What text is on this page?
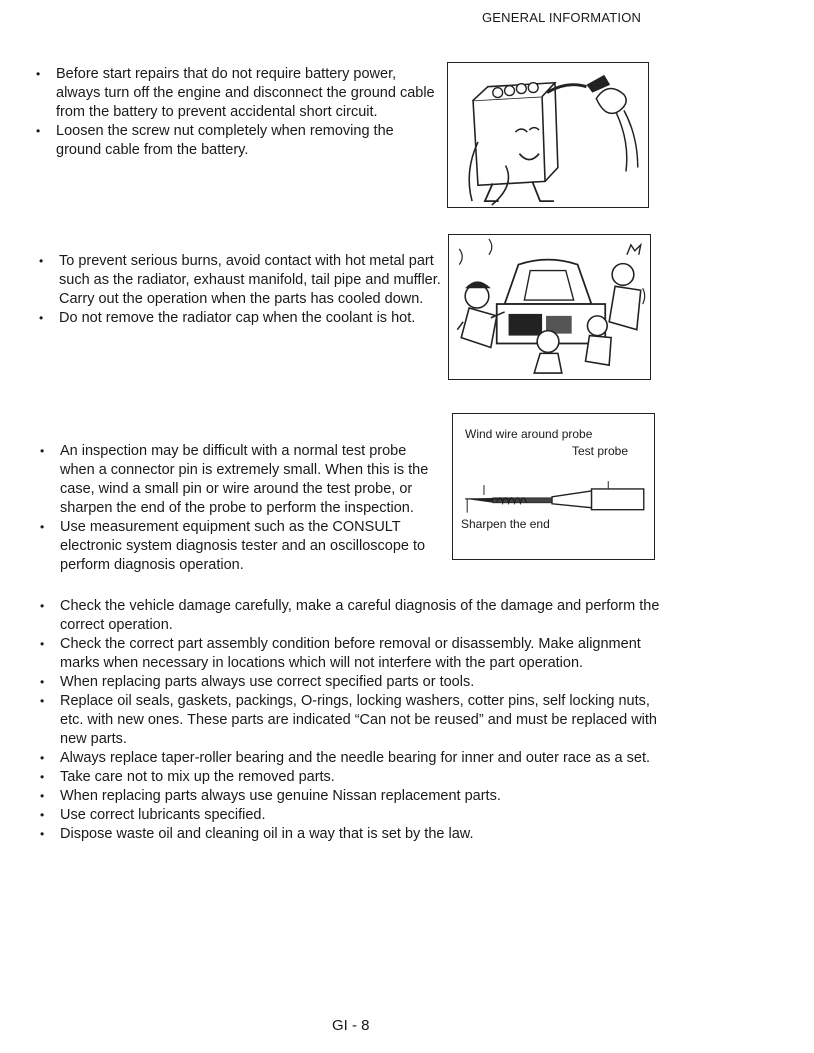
GENERAL INFORMATION
• Before start repairs that do not require battery power, always turn off the engine and disconnect the ground cable from the battery to prevent accidental short circuit.
• Loosen the screw nut completely when removing the ground cable from the battery.
• To prevent serious burns, avoid contact with hot metal part such as the radiator, exhaust manifold, tail pipe and muffler. Carry out the operation when the parts has cooled down.
• Do not remove the radiator cap when the coolant is hot.
• An inspection may be difficult with a normal test probe when a connector pin is extremely small. When this is the case, wind a small pin or wire around the test probe, or sharpen the end of the probe to perform the inspection.
• Use measurement equipment such as the CONSULT electronic system diagnosis tester and an oscilloscope to perform diagnosis operation.
Wind wire around probe
Test probe
Sharpen the end
• Check the vehicle damage carefully, make a careful diagnosis of the damage and perform the correct operation.
• Check the correct part assembly condition before removal or disassembly. Make alignment marks when necessary in locations which will not interfere with the part operation.
• When replacing parts always use correct specified parts or tools.
• Replace oil seals, gaskets, packings, O-rings, locking washers, cotter pins, self locking nuts, etc. with new ones. These parts are indicated “Can not be reused” and must be replaced with new parts.
• Always replace taper-roller bearing and the needle bearing for inner and outer race as a set.
• Take care not to mix up the removed parts.
• When replacing parts always use genuine Nissan replacement parts.
• Use correct lubricants specified.
• Dispose waste oil and cleaning oil in a way that is set by the law.
GI - 8
